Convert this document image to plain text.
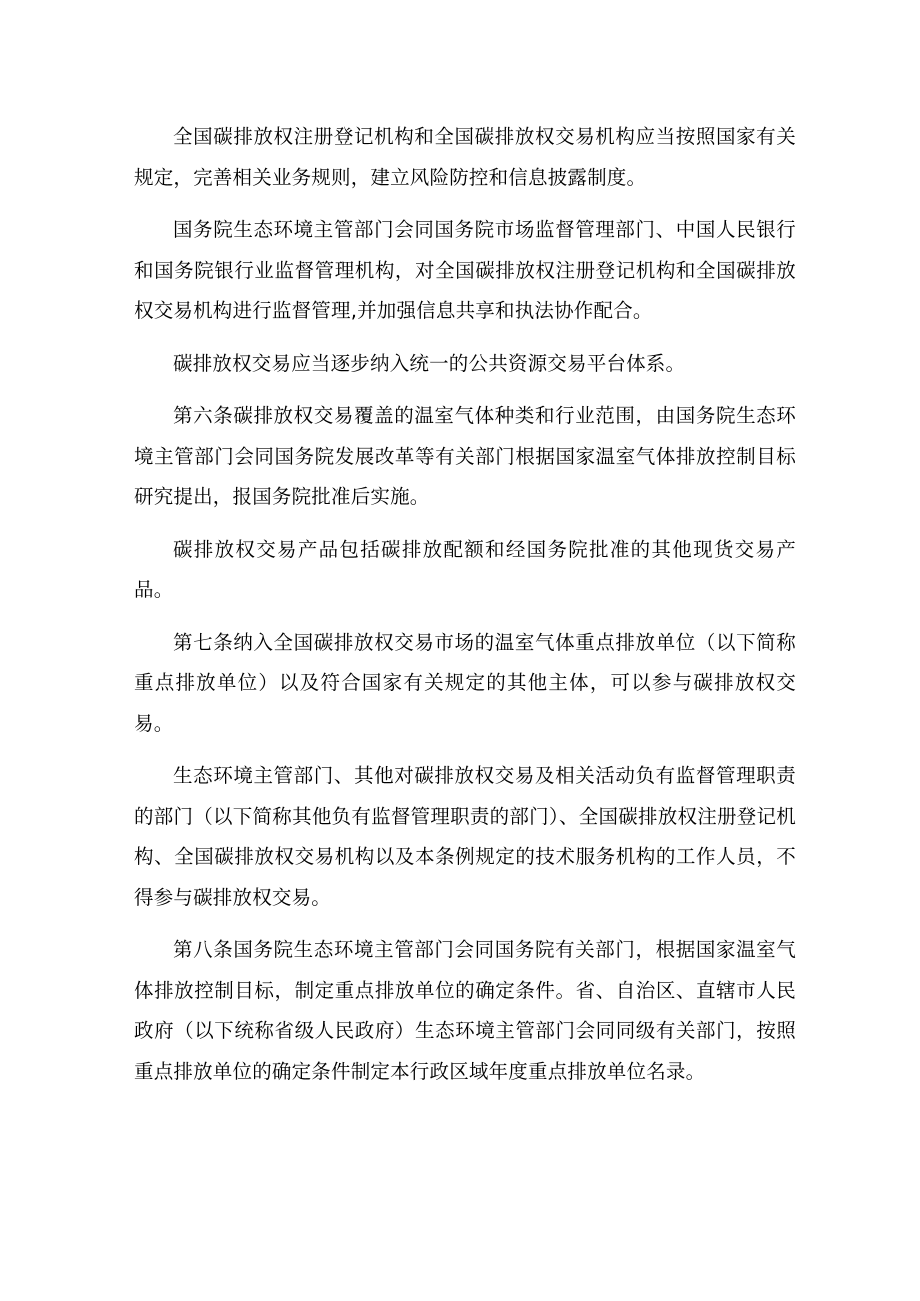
全国碳排放权注册登记机构和全国碳排放权交易机构应当按照国家有关规定，完善相关业务规则，建立风险防控和信息披露制度。

国务院生态环境主管部门会同国务院市场监督管理部门、中国人民银行和国务院银行业监督管理机构，对全国碳排放权注册登记机构和全国碳排放权交易机构进行监督管理,并加强信息共享和执法协作配合。

碳排放权交易应当逐步纳入统一的公共资源交易平台体系。

第六条碳排放权交易覆盖的温室气体种类和行业范围，由国务院生态环境主管部门会同国务院发展改革等有关部门根据国家温室气体排放控制目标研究提出，报国务院批准后实施。

碳排放权交易产品包括碳排放配额和经国务院批准的其他现货交易产品。

第七条纳入全国碳排放权交易市场的温室气体重点排放单位（以下简称重点排放单位）以及符合国家有关规定的其他主体，可以参与碳排放权交易。

生态环境主管部门、其他对碳排放权交易及相关活动负有监督管理职责的部门（以下简称其他负有监督管理职责的部门）、全国碳排放权注册登记机构、全国碳排放权交易机构以及本条例规定的技术服务机构的工作人员，不得参与碳排放权交易。

第八条国务院生态环境主管部门会同国务院有关部门，根据国家温室气体排放控制目标，制定重点排放单位的确定条件。省、自治区、直辖市人民政府（以下统称省级人民政府）生态环境主管部门会同同级有关部门，按照重点排放单位的确定条件制定本行政区域年度重点排放单位名录。
